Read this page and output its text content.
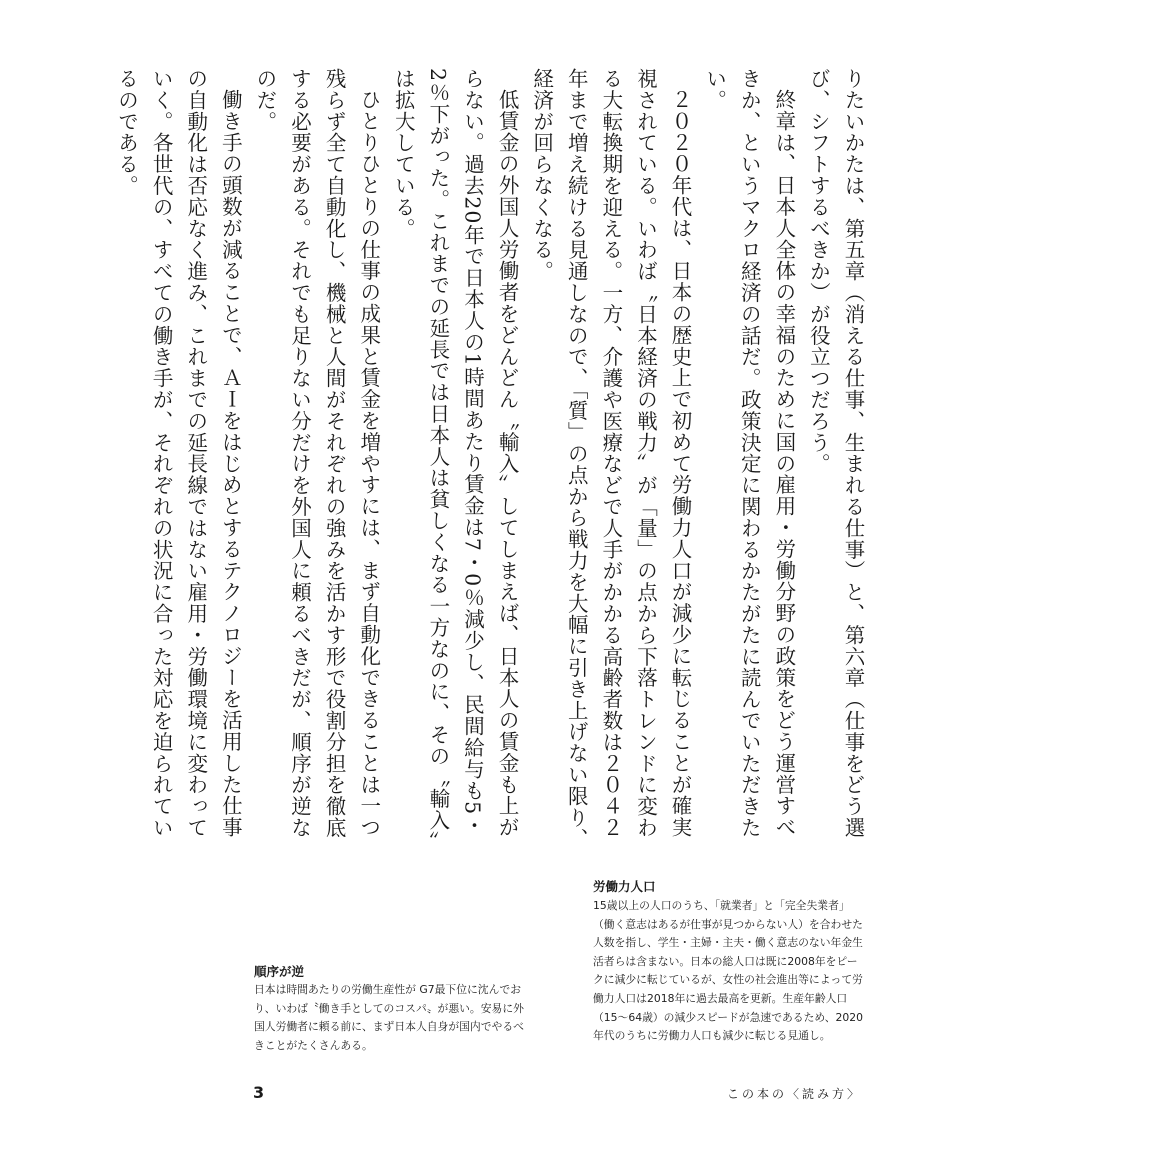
りたいかたは、第五章（消える仕事、生まれる仕事）と、第六章（仕事をどう選び、シフトするべきか）が役立つだろう。

終章は、日本人全体の幸福のために国の雇用・労働分野の政策をどう運営すべきか、というマクロ経済の話だ。政策決定に関わるかたがたに読んでいただきたい。

２０２０年代は、日本の歴史上で初めて労働力人口が減少に転じることが確実視されている。いわば〝日本経済の戦力〟が「量」の点から下落トレンドに変わる大転換期を迎える。一方、介護や医療などで人手がかかる高齢者数は２０４２年まで増え続ける見通しなので、「質」の点から戦力を大幅に引き上げない限り、経済が回らなくなる。

低賃金の外国人労働者をどんどん〝輸入〟してしまえば、日本人の賃金も上がらない。過去20年で日本人の1時間あたり賃金は7・0％減少し、民間給与も5・2％下がった。これまでの延長では日本人は貧しくなる一方なのに、その〝輸入〟は拡大している。

ひとりひとりの仕事の成果と賃金を増やすには、まず自動化できることは一つ残らず全て自動化し、機械と人間がそれぞれの強みを活かす形で役割分担を徹底する必要がある。それでも足りない分だけを外国人に頼るべきだが、順序が逆なのだ。

働き手の頭数が減ることで、ＡＩをはじめとするテクノロジーを活用した仕事の自動化は否応なく進み、これまでの延長線ではない雇用・労働環境に変わっていく。各世代の、すべての働き手が、それぞれの状況に合った対応を迫られているのである。

労働力人口

15歳以上の人口のうち、「就業者」と「完全失業者」（働く意志はあるが仕事が見つからない人）を合わせた人数を指し、学生・主婦・主夫・働く意志のない年金生活者らは含まない。日本の総人口は既に2008年をピークに減少に転じているが、女性の社会進出等によって労働力人口は2018年に過去最高を更新。生産年齢人口（15〜64歳）の減少スピードが急速であるため、2020年代のうちに労働力人口も減少に転じる見通し。

順序が逆

日本は時間あたりの労働生産性が G7最下位に沈んでおり、いわば〝働き手としてのコスパ〟が悪い。安易に外国人労働者に頼る前に、まず日本人自身が国内でやるべきことがたくさんある。

3	この本の〈読み方〉
